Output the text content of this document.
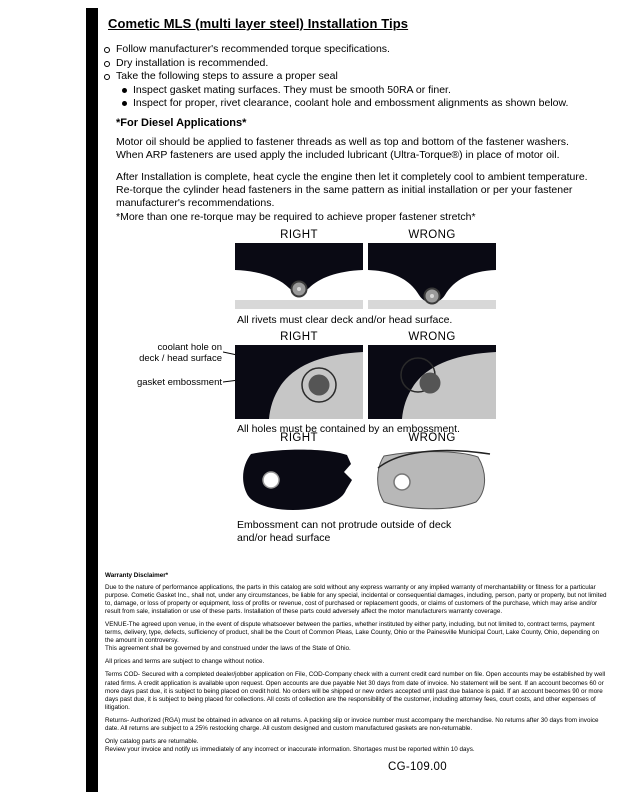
Cometic MLS (multi layer steel) Installation Tips
Follow manufacturer's recommended torque specifications.
Dry installation is recommended.
Take the following steps to assure a proper seal
Inspect gasket mating surfaces. They must be smooth 50RA or finer.
Inspect for proper, rivet clearance, coolant hole and embossment alignments as shown below.
*For Diesel Applications*

Motor oil should be applied to fastener threads as well as top and bottom of the fastener washers. When ARP fasteners are used apply the included lubricant (Ultra-Torque®) in place of motor oil.

After Installation is complete, heat cycle the engine then let it completely cool to ambient temperature. Re-torque the cylinder head fasteners in the same pattern as initial installation or per your fastener manufacturer's recommendations.

*More than one re-torque may be required to achieve proper fastener stretch*
RIGHT	WRONG
All rivets must clear deck and/or head surface.
RIGHT	WRONG
coolant hole on
deck / head surface
gasket embossment
All holes must be contained by an embossment.
RIGHT	WRONG
Embossment can not protrude outside of deck
and/or head surface
Warranty Disclaimer*
Due to the nature of performance applications, the parts in this catalog are sold without any express warranty or any implied warranty of merchantability or fitness for a particular purpose. Cometic Gasket Inc., shall not, under any circumstances, be liable for any special, incidental or consequential damages, including, person, party or property, but not limited to, damage, or loss of property or equipment, loss of profits or revenue, cost of purchased or replacement goods, or claims of customers of the purchase, which may arise and/or result from sale, installation or use of these parts. Installation of these parts could adversely affect the motor manufacturers warranty coverage.
VENUE-The agreed upon venue, in the event of dispute whatsoever between the parties, whether instituted by either party, including, but not limited to, contract terms, payment terms, delivery, type, defects, sufficiency of product, shall be the Court of Common Pleas, Lake County, Ohio or the Painesville Municipal Court, Lake County, Ohio, depending on the amount in controversy.
This agreement shall be governed by and construed under the laws of the State of Ohio.
All prices and terms are subject to change without notice.
Terms COD- Secured with a completed dealer/jobber application on File, COD-Company check with a current credit card number on file. Open accounts may be established by well rated firms. A credit application is available upon request. Open accounts are due payable Net 30 days from date of invoice. No statement will be sent. If an account becomes 60 or more days past due, it is subject to being placed on credit hold. No orders will be shipped or new orders accepted until past due balance is paid. If an account becomes 90 or more days past due, it is subject to being placed for collections. All costs of collection are the responsibility of the customer, including attorney fees, court costs, and other expenses of litigation.
Returns- Authorized (RGA) must be obtained in advance on all returns. A packing slip or invoice number must accompany the merchandise. No returns after 30 days from invoice date. All returns are subject to a 25% restocking charge. All custom designed and custom manufactured gaskets are non-returnable.
Only catalog parts are returnable.
Review your invoice and notify us immediately of any incorrect or inaccurate information. Shortages must be reported within 10 days.
CG-109.00
